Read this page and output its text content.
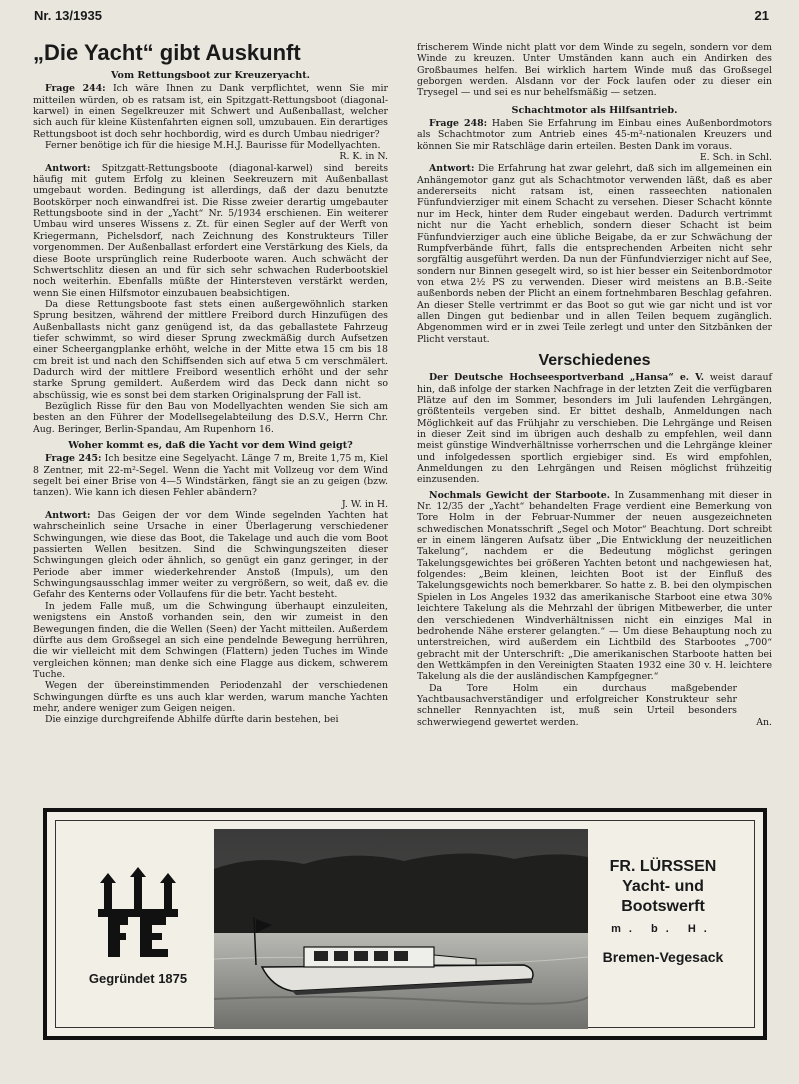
Nr. 13/1935	21
„Die Yacht“ gibt Auskunft
Vom Rettungsboot zur Kreuzeryacht.

Frage 244: Ich wäre Ihnen zu Dank verpflichtet, wenn Sie mir mitteilen würden, ob es ratsam ist, ein Spitzgatt-Rettungsboot (diagonal-karwel) in einen Segelkreuzer mit Schwert und Außenballast, welcher sich auch für kleine Küstenfahrten eignen soll, umzubauen. Ein derartiges Rettungsboot ist doch sehr hochbordig, wird es durch Umbau niedriger?

Ferner benötige ich für die hiesige M.H.J. Baurisse für Modellyachten.

R. K. in N.

Antwort: Spitzgatt-Rettungsboote (diagonal-karwel) sind bereits häufig mit gutem Erfolg zu kleinen Seekreuzern mit Außenballast umgebaut worden. Bedingung ist allerdings, daß der dazu benutzte Bootskörper noch einwandfrei ist. Die Risse zweier derartig umgebauter Rettungsboote sind in der „Yacht“ Nr. 5/1934 erschienen. Ein weiterer Umbau wird unseres Wissens z. Zt. für einen Segler auf der Werft von Kriegermann, Pichelsdorf, nach Zeichnung des Konstrukteurs Tiller vorgenommen. Der Außenballast erfordert eine Verstärkung des Kiels, da diese Boote ursprünglich reine Ruderboote waren. Auch schwächt der Schwertschlitz diesen an und für sich sehr schwachen Ruderbootskiel noch weiterhin. Ebenfalls müßte der Hintersteven verstärkt werden, wenn Sie einen Hilfsmotor einzubauen beabsichtigen.

Da diese Rettungsboote fast stets einen außergewöhnlich starken Sprung besitzen, während der mittlere Freibord durch Hinzufügen des Außenballasts nicht ganz genügend ist, da das geballastete Fahrzeug tiefer schwimmt, so wird dieser Sprung zweckmäßig durch Aufsetzen einer Scheergangplanke erhöht, welche in der Mitte etwa 15 cm bis 18 cm breit ist und nach den Schiffsenden sich auf etwa 5 cm verschmälert. Dadurch wird der mittlere Freibord wesentlich erhöht und der sehr starke Sprung gemildert. Außerdem wird das Deck dann nicht so abschüssig, wie es sonst bei dem starken Originalsprung der Fall ist.

Bezüglich Risse für den Bau von Modellyachten wenden Sie sich am besten an den Führer der Modellsegelabteilung des D.S.V., Herrn Chr. Aug. Beringer, Berlin-Spandau, Am Rupenhorn 16.

Woher kommt es, daß die Yacht vor dem Wind geigt?

Frage 245: Ich besitze eine Segelyacht. Länge 7 m, Breite 1,75 m, Kiel 8 Zentner, mit 22-m²-Segel. Wenn die Yacht mit Vollzeug vor dem Wind segelt bei einer Brise von 4—5 Windstärken, fängt sie an zu geigen (bzw. tanzen). Wie kann ich diesen Fehler abändern?

J. W. in H.

Antwort: Das Geigen der vor dem Winde segelnden Yachten hat wahrscheinlich seine Ursache in einer Überlagerung verschiedener Schwingungen, wie diese das Boot, die Takelage und auch die vom Boot passierten Wellen besitzen. Sind die Schwingungszeiten dieser Schwingungen gleich oder ähnlich, so genügt ein ganz geringer, in der Periode aber immer wiederkehrender Anstoß (Impuls), um den Schwingungsausschlag immer weiter zu vergrößern, so weit, daß ev. die Gefahr des Kenterns oder Vollaufens für die betr. Yacht besteht.

In jedem Falle muß, um die Schwingung überhaupt einzuleiten, wenigstens ein Anstoß vorhanden sein, den wir zumeist in den Bewegungen finden, die die Wellen (Seen) der Yacht mitteilen. Außerdem dürfte aus dem Großsegel an sich eine pendelnde Bewegung herrühren, die wir vielleicht mit dem Schwingen (Flattern) jeden Tuches im Winde vergleichen können; man denke sich eine Flagge aus dickem, schwerem Tuche.

Wegen der übereinstimmenden Periodenzahl der verschiedenen Schwingungen dürfte es uns auch klar werden, warum manche Yachten mehr, andere weniger zum Geigen neigen.

Die einzige durchgreifende Abhilfe dürfte darin bestehen, bei

frischerem Winde nicht platt vor dem Winde zu segeln, sondern vor dem Winde zu kreuzen. Unter Umständen kann auch ein Andirken des Großbaumes helfen. Bei wirklich hartem Winde muß das Großsegel geborgen werden. Alsdann vor der Fock laufen oder zu dieser ein Trysegel — und sei es nur behelfsmäßig — setzen.

Schachtmotor als Hilfsantrieb.

Frage 248: Haben Sie Erfahrung im Einbau eines Außenbordmotors als Schachtmotor zum Antrieb eines 45-m²-nationalen Kreuzers und können Sie mir Ratschläge darin erteilen. Besten Dank im voraus.

E. Sch. in Schl.

Antwort: Die Erfahrung hat zwar gelehrt, daß sich im allgemeinen ein Anhängemotor ganz gut als Schachtmotor verwenden läßt, daß es aber andererseits nicht ratsam ist, einen rasseechten nationalen Fünfundvierziger mit einem Schacht zu versehen. Dieser Schacht könnte nur im Heck, hinter dem Ruder eingebaut werden. Dadurch vertrimmt nicht nur die Yacht erheblich, sondern dieser Schacht ist beim Fünfundvierziger auch eine übliche Beigabe, da er zur Schwächung der Rumpfverbände führt, falls die entsprechenden Arbeiten nicht sehr sorgfältig ausgeführt werden. Da nun der Fünfundvierziger nicht auf See, sondern nur Binnen gesegelt wird, so ist hier besser ein Seitenbordmotor von etwa 2½ PS zu verwenden. Dieser wird meistens an B.B.-Seite außenbords neben der Plicht an einem fortnehmbaren Beschlag gefahren. An dieser Stelle vertrimmt er das Boot so gut wie gar nicht und ist vor allen Dingen gut bedienbar und in allen Teilen bequem zugänglich. Abgenommen wird er in zwei Teile zerlegt und unter den Sitzbänken der Plicht verstaut.

Verschiedenes

Der Deutsche Hochseesportverband „Hansa“ e. V. weist darauf hin, daß infolge der starken Nachfrage in der letzten Zeit die verfügbaren Plätze auf den im Sommer, besonders im Juli laufenden Lehrgängen, größtenteils vergeben sind. Er bittet deshalb, Anmeldungen nach Möglichkeit auf das Frühjahr zu verschieben. Die Lehrgänge und Reisen in dieser Zeit sind im übrigen auch deshalb zu empfehlen, weil dann meist günstige Windverhältnisse vorherrschen und die Lehrgänge kleiner und infolgedessen sportlich ergiebiger sind. Es wird empfohlen, Anmeldungen zu den Lehrgängen und Reisen möglichst frühzeitig einzusenden.

Nochmals Gewicht der Starboote. In Zusammenhang mit dieser in Nr. 12/35 der „Yacht“ behandelten Frage verdient eine Bemerkung von Tore Holm in der Februar-Nummer der neuen ausgezeichneten schwedischen Monatsschrift „Segel och Motor“ Beachtung. Dort schreibt er in einem längeren Aufsatz über „Die Entwicklung der neuzeitlichen Takelung“, nachdem er die Bedeutung möglichst geringen Takelungsgewichtes bei größeren Yachten betont und nachgewiesen hat, folgendes: „Beim kleinen, leichten Boot ist der Einfluß des Takelungsgewichts noch bemerkbarer. So hatte z. B. bei den olympischen Spielen in Los Angeles 1932 das amerikanische Starboot eine etwa 30% leichtere Takelung als die Mehrzahl der übrigen Mitbewerber, die unter den verschiedenen Windverhältnissen nicht ein einziges Mal in bedrohende Nähe ersterer gelangten.“ — Um diese Behauptung noch zu unterstreichen, wird außerdem ein Lichtbild des Starbootes „700“ gebracht mit der Unterschrift: „Die amerikanischen Starboote hatten bei den Wettkämpfen in den Vereinigten Staaten 1932 eine 30 v. H. leichtere Takelung als die der ausländischen Kampfgegner.“

Da Tore Holm ein durchaus maßgebender Yachtbausachverständiger und erfolgreicher Konstrukteur sehr schneller Rennyachten ist, muß sein Urteil besonders schwerwiegend gewertet werden.	An.

Gegründet 1875
FR. LÜRSSEN
Yacht- und
Bootswerft
m. b. H.
Bremen-Vegesack
